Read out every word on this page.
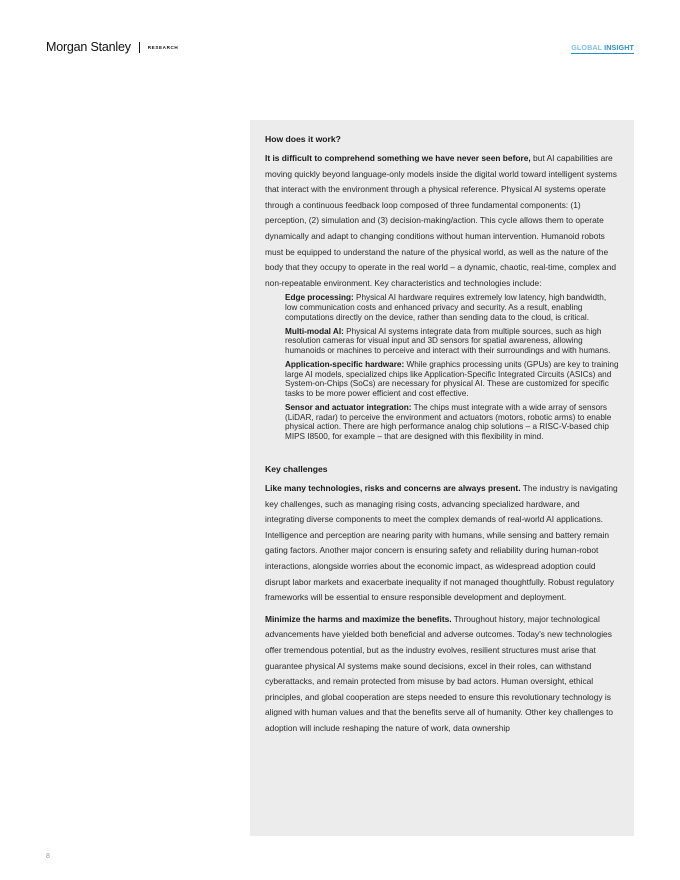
Morgan Stanley	RESEARCH	GLOBAL INSIGHT
How does it work?

It is difficult to comprehend something we have never seen before, but AI capabilities are moving quickly beyond language-only models inside the digital world toward intelligent systems that interact with the environment through a physical reference. Physical AI systems operate through a continuous feedback loop composed of three fundamental components: (1) perception, (2) simulation and (3) decision-making/action. This cycle allows them to operate dynamically and adapt to changing conditions without human intervention. Humanoid robots must be equipped to understand the nature of the physical world, as well as the nature of the body that they occupy to operate in the real world – a dynamic, chaotic, real-time, complex and non-repeatable environment. Key characteristics and technologies include:

Edge processing: Physical AI hardware requires extremely low latency, high bandwidth, low communication costs and enhanced privacy and security. As a result, enabling computations directly on the device, rather than sending data to the cloud, is critical.
Multi-modal AI: Physical AI systems integrate data from multiple sources, such as high resolution cameras for visual input and 3D sensors for spatial awareness, allowing humanoids or machines to perceive and interact with their surroundings and with humans.
Application-specific hardware: While graphics processing units (GPUs) are key to training large AI models, specialized chips like Application-Specific Integrated Circuits (ASICs) and System-on-Chips (SoCs) are necessary for physical AI. These are customized for specific tasks to be more power efficient and cost effective.
Sensor and actuator integration: The chips must integrate with a wide array of sensors (LiDAR, radar) to perceive the environment and actuators (motors, robotic arms) to enable physical action. There are high performance analog chip solutions – a RISC-V-based chip MIPS I8500, for example – that are designed with this flexibility in mind.
Key challenges

Like many technologies, risks and concerns are always present. The industry is navigating key challenges, such as managing rising costs, advancing specialized hardware, and integrating diverse components to meet the complex demands of real-world AI applications. Intelligence and perception are nearing parity with humans, while sensing and battery remain gating factors. Another major concern is ensuring safety and reliability during human-robot interactions, alongside worries about the economic impact, as widespread adoption could disrupt labor markets and exacerbate inequality if not managed thoughtfully. Robust regulatory frameworks will be essential to ensure responsible development and deployment.

Minimize the harms and maximize the benefits. Throughout history, major technological advancements have yielded both beneficial and adverse outcomes. Today's new technologies offer tremendous potential, but as the industry evolves, resilient structures must arise that guarantee physical AI systems make sound decisions, excel in their roles, can withstand cyberattacks, and remain protected from misuse by bad actors. Human oversight, ethical principles, and global cooperation are steps needed to ensure this revolutionary technology is aligned with human values and that the benefits serve all of humanity. Other key challenges to adoption will include reshaping the nature of work, data ownership

8
